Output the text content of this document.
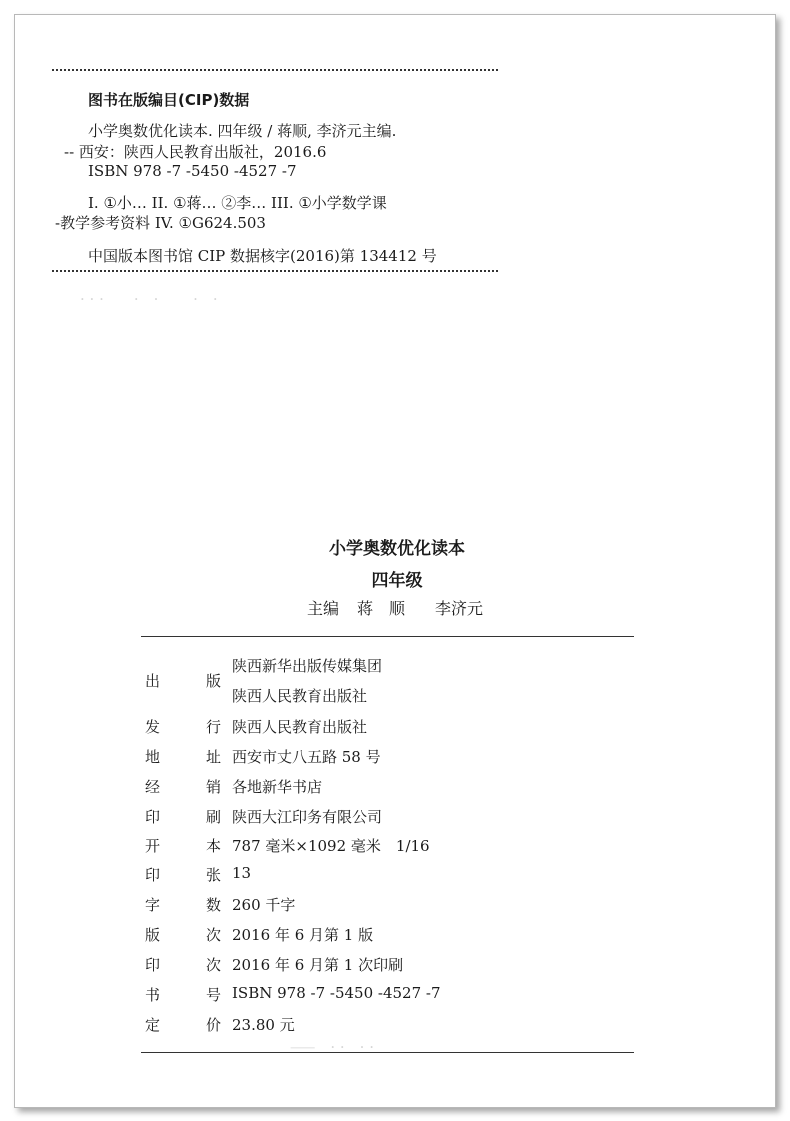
· · ·　　·　·　　 ·　·
⸺　· ·　· ·
图书在版编目(CIP)数据
小学奥数优化读本. 四年级 / 蒋顺, 李济元主编.
-- 西安：陕西人民教育出版社，2016.6
ISBN 978 -7 -5450 -4527 -7
I. ①小… II. ①蒋… ②李… III. ①小学数学课
-教学参考资料 IV. ①G624.503
中国版本图书馆 CIP 数据核字(2016)第 134412 号
小学奥数优化读本
四年级
主编 蒋　顺 李济元
出	版
陕西新华出版传媒集团
陕西人民教育出版社
发	行 陕西人民教育出版社
地	址 西安市丈八五路 58 号
经	销 各地新华书店
印	刷 陕西大江印务有限公司
开	本 787 毫米×1092 毫米　1/16
印	张 13
字	数 260 千字
版	次 2016 年 6 月第 1 版
印	次 2016 年 6 月第 1 次印刷
书	号 ISBN 978 -7 -5450 -4527 -7
定	价 23.80 元
